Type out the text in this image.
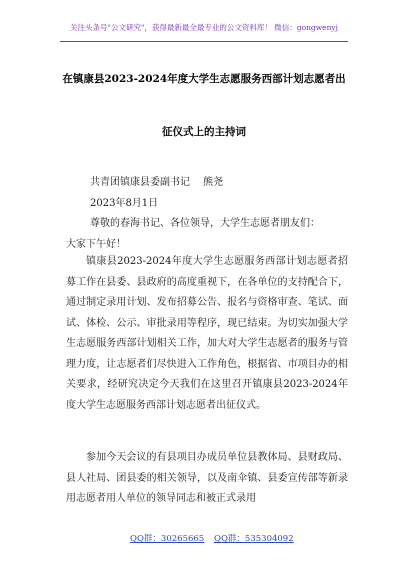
关注头条号"公文研究"，获得最新最全最专业的公文资料库！ 微信：gongwenyj
在镇康县2023-2024年度大学生志愿服务西部计划志愿者出
征仪式上的主持词
共青团镇康县委副书记　 熊尧
2023年8月1日
尊敬的春海书记、各位领导，大学生志愿者朋友们：
大家下午好！
镇康县2023-2024年度大学生志愿服务西部计划志愿者招募工作在县委、县政府的高度重视下，在各单位的支持配合下，通过制定录用计划、发布招募公告、报名与资格审查、笔试、面试、体检、公示、审批录用等程序，现已结束。为切实加强大学生志愿服务西部计划相关工作，加大对大学生志愿者的服务与管理力度，让志愿者们尽快进入工作角色，根据省、市项目办的相关要求，经研究决定今天我们在这里召开镇康县2023-2024年度大学生志愿服务西部计划志愿者出征仪式。
参加今天会议的有县项目办成员单位县教体局、县财政局、县人社局、团县委的相关领导，以及南伞镇、县委宣传部等新录用志愿者用人单位的领导同志和被正式录用
QQ群：30265665 QQ群：535304092
